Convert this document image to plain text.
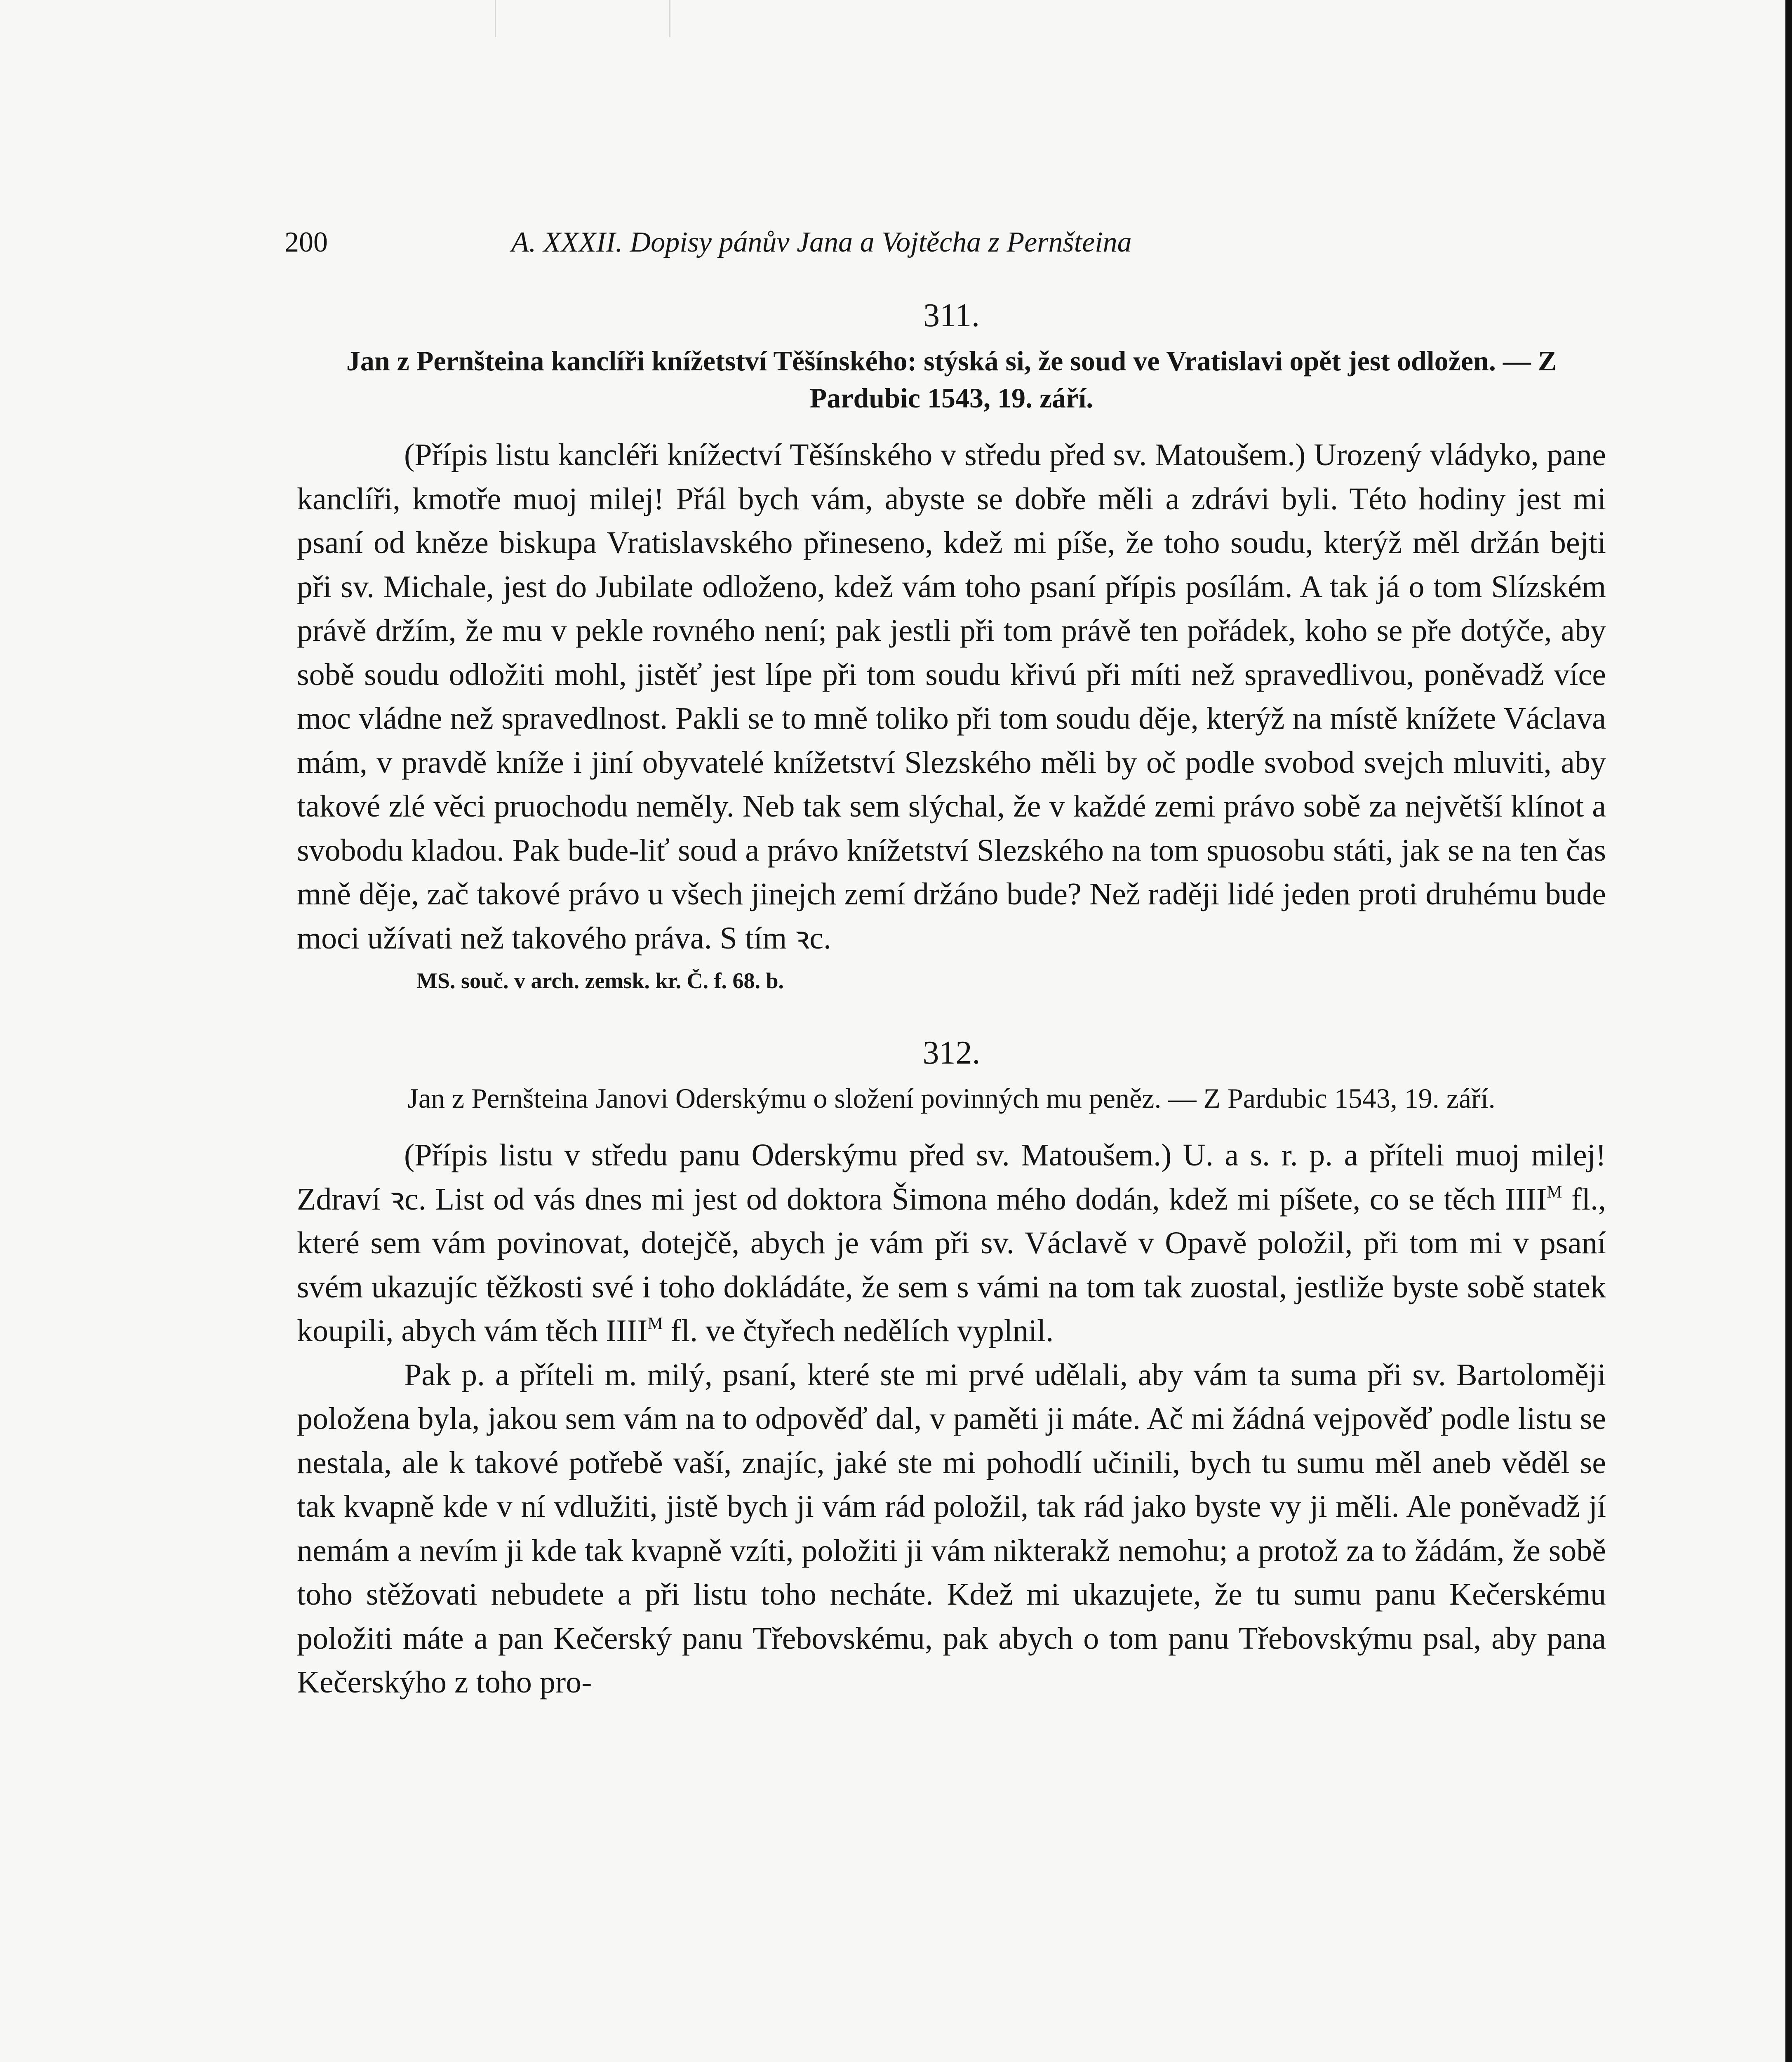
200	A. XXXII. Dopisy pánův Jana a Vojtěcha z Pernšteina

311.

Jan z Pernšteina kanclíři knížetství Těšínského: stýská si, že soud ve Vratislavi opět jest odložen. — Z Pardubic 1543, 19. září.

(Přípis listu kancléři knížectví Těšínského v středu před sv. Matoušem.) Urozený vládyko, pane kanclíři, kmotře muoj milej! Přál bych vám, abyste se dobře měli a zdrávi byli. Této hodiny jest mi psaní od kněze biskupa Vratislavského přineseno, kdež mi píše, že toho soudu, kterýž měl držán bejti při sv. Michale, jest do Jubilate odloženo, kdež vám toho psaní přípis posílám. A tak já o tom Slízském právě držím, že mu v pekle rovného není; pak jestli při tom právě ten pořádek, koho se pře dotýče, aby sobě soudu odložiti mohl, jistěť jest lípe při tom soudu křivú při míti než spravedlivou, poněvadž více moc vládne než spravedlnost. Pakli se to mně toliko při tom soudu děje, kterýž na místě knížete Václava mám, v pravdě kníže i jiní obyvatelé knížetství Slezského měli by oč podle svobod svejch mluviti, aby takové zlé věci pruochodu neměly. Neb tak sem slýchal, že v každé zemi právo sobě za největší klínot a svobodu kladou. Pak bude-liť soud a právo knížetství Slezského na tom spuosobu státi, jak se na ten čas mně děje, zač takové právo u všech jinejch zemí držáno bude? Než raději lidé jeden proti druhému bude moci užívati než takového práva. S tím ꝛc.

MS. souč. v arch. zemsk. kr. Č. f. 68. b.

312.

Jan z Pernšteina Janovi Oderskýmu o složení povinných mu peněz. — Z Pardubic 1543, 19. září.

(Přípis listu v středu panu Oderskýmu před sv. Matoušem.) U. a s. r. p. a příteli muoj milej! Zdraví ꝛc. List od vás dnes mi jest od doktora Šimona mého dodán, kdež mi píšete, co se těch $IIII^M$ fl., které sem vám povinovat, dotejčě, abych je vám při sv. Václavě v Opavě položil, při tom mi v psaní svém ukazujíc těžkosti své i toho dokládáte, že sem s vámi na tom tak zuostal, jestliže byste sobě statek koupili, abych vám těch $IIII^M$ fl. ve čtyřech nedělích vyplnil.

Pak p. a příteli m. milý, psaní, které ste mi prvé udělali, aby vám ta suma při sv. Bartoloměji položena byla, jakou sem vám na to odpověď dal, v paměti ji máte. Ač mi žádná vejpověď podle listu se nestala, ale k takové potřebě vaší, znajíc, jaké ste mi pohodlí učinili, bych tu sumu měl aneb věděl se tak kvapně kde v ní vdlužiti, jistě bych ji vám rád položil, tak rád jako byste vy ji měli. Ale poněvadž jí nemám a nevím ji kde tak kvapně vzíti, položiti ji vám nikterakž nemohu; a protož za to žádám, že sobě toho stěžovati nebudete a při listu toho necháte. Kdež mi ukazujete, že tu sumu panu Kečerskému položiti máte a pan Kečerský panu Třebovskému, pak abych o tom panu Třebovskýmu psal, aby pana Kečerskýho z toho pro-
